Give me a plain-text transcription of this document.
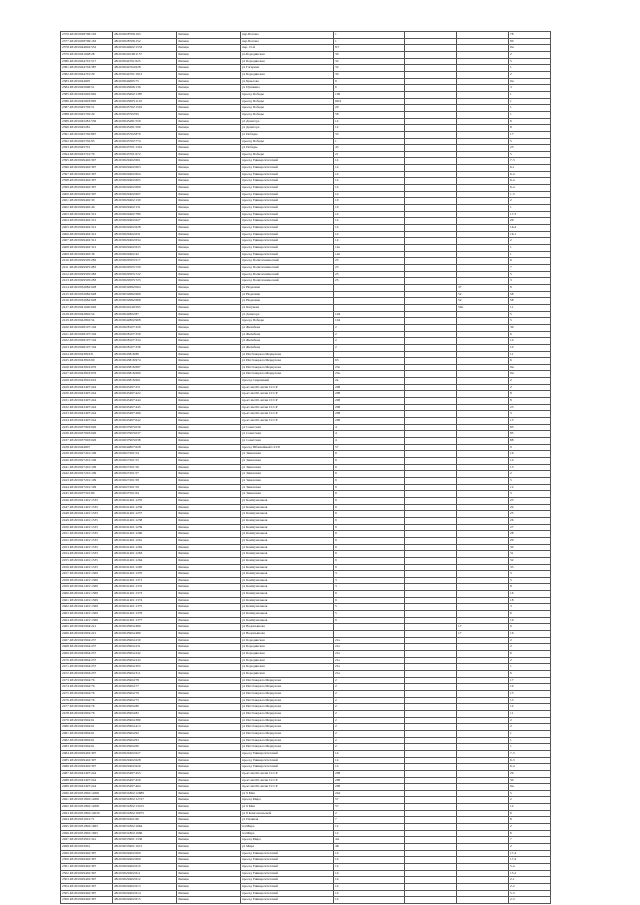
2376 48:20:0028706:163	48:20:0028706:163	Липецк	пер.Попова	1			78
2377 48:20:0028706:163	48:20:0028706:152	Липецк	пер.Попова	1			90
2378 48:20:0044602:552	48:20:0044602:1553	Липецк	пер. 15-й	8/7			9н
2379 48:20:0041048:28	48:20:0041048:1157	Липецк	ул.Бородинская	30			2
2380 48:20:0044701:517	48:20:0044701:625	Липецк	ул Бородинская	32			5
2381 48:20:0044704:387	48:20:0044704:628	Липецк	ул Гагарина	32			1
2382 48:20:0044701:29	48:20:0044701:1913	Липецк	ул Бородинская	30			2
2383 48:20:0044695	48:20:0044695:75	Липецк	ул Крылова	9			9н
2384 48:20:0045696:51	48:20:0045696:136	Липецк	ул Пушкина	6			3
2385 48:20:0045692:992	48:20:0045692:1387	Липецк	проезд Победы	109			1
2386 48:20:0045693:995	48:20:0045693:1119	Липецк	проезд Победы	99/4			1
2387 48:20:0045702:51	48:20:0045702:1591	Липецк	проезд Победы	29			1
2388 48:20:0045702:29	48:20:0045702:95	Липецк	проезд Победы	58			1
2389 48:20:0045281:559	48:20:0045281:559	Липецк	ул Доватора	12			6
2390 48:20:0045281	48:20:0045281:590	Липецк	ул Доватора	12			8
2391 48:20:0045702:867	48:20:0045702:870	Липецк	ул Победы	35			17
2392 48:20:0045702:93	48:20:0045702:774	Липецк	проезд Победы	1			5
2393 48:20:0045701	48:20:0045701:1301	Липецк	ул Победы	45			25
2394 48:20:0045701:79	48:20:0045701:672	Липецк	проезд Победы	21			5
2395 48:20:0029402:397	48:20:0029402:601	Липецк	проезд Университетский	14			7-3
2396 48:20:0029402:397	48:20:0029402:603	Липецк	проезд Университетский	14			6-1
2397 48:20:0029402:397	48:20:0029402:604	Липецк	проезд Университетский	14			6-4
2398 48:20:0029402:397	48:20:0029402:605	Липецк	проезд Университетский	14			6-4
2399 48:20:0029402:397	48:20:0029402:606	Липецк	проезд Университетский	14			6-4
2400 48:20:0029402:397	48:20:0029402:607	Липецк	проезд Университетский	14			1-3
2401 48:20:0029402:30	48:20:0029402:130	Липецк	проезд Университетский	10			2
2402 48:20:0029402:46	48:20:0029402:131	Липецк	проезд Университетский	10			1
2403 48:20:0029402:312	48:20:0029402:780	Липецк	проезд Университетский	14			17-3
2404 48:20:0029402:312	48:20:0029402:627	Липецк	проезд Университетский	14			26
2405 48:20:0029402:312	48:20:0029402:628	Липецк	проезд Университетский	14			16-4
2406 48:20:0029402:312	48:20:0029402:631	Липецк	проезд Университетский	14			16-1
2407 48:20:0029402:312	48:20:0029402:634	Липецк	проезд Университетский	14			2
2408 48:20:0029402:312	48:20:0029402:635	Липецк	проезд Университетский	14а			1
2409 48:20:0029402:36	48:20:0029402:42	Липецк	проезд Университетский	14а			1
2410 48:20:0029505:283	48:20:0029505:517	Липецк	проезд Политехнический	23			6
2411 48:20:0029505:283	48:20:0029505:720	Липецк	проезд Политехнический	23			7
2412 48:20:0029505:283	48:20:0029505:722	Липецк	проезд Политехнический	23			5
2413 48:20:0029505:283	48:20:0029505:723	Липецк	проезд Политехнический	25			3
2414 48:20:0032682:028	48:20:0032682:064	Липецк	ул Неделина			37	8
2415 48:20:0032682:028	48:20:0032682:666	Липецк	ул Неделина			52	58
2416 48:20:0032682:028	48:20:0032682:668	Липецк	ул Неделина			52	58
2417 48:20:0041040:026	48:20:0041040:565	Липецк	ул Катукова			50а	11
2418 48:20:0042802:54	48:20:0042802:87	Липецк	ул Доватора	104			5
2419 48:20:0042802:54	48:20:0042802:908	Липецк	проезд Победы	104			5
2420 48:20:0028107:104	48:20:0028107:329	Липецк	ул Желябова	2			39
2421 48:20:0028107:104	48:20:0028107:330	Липецк	ул Желябова	2			6
2422 48:20:0028107:104	48:20:0028107:334	Липецк	ул Желябова	2			14
2423 48:20:0028107:104	48:20:0028107:336	Липецк	ул Желябова	2			10
2424 48:20:0043816:8	48:20:0043816:80	Липецк	ул Им Генерала Меркулова				11
2425 48:20:0043816:60	48:20:0043816:974	Липецк	ул Им Генерала Меркулова	63			6
2426 48:20:0043816:676	48:20:0043816:687	Липецк	ул Им Генерала Меркулова	23а			9н
2427 48:20:0043816:676	48:20:0043816:690	Липецк	ул Им Генерала Меркулова	23а			9н
2428 48:20:0043816:616	48:20:0043816:691	Липецк	проезд Сиреневый	2к			2
2429 48:20:0043497:244	48:20:0043497:251	Липецк	пр-кт им 60-летия СССР	208			2
2430 48:20:0043497:244	48:20:0043497:422	Липецк	пр-кт им 60-летия СССР	208			8
2431 48:20:0043497:244	48:20:0043497:444	Липецк	пр-кт им 60-летия СССР	208			8
2432 48:20:0043497:244	48:20:0043497:445	Липецк	пр-кт им 60-летия СССР	208			23
2433 48:20:0043497:244	48:20:0043497:496	Липецк	пр-кт им 60-летия СССР	208			3
2434 48:20:0043497:244	48:20:0043497:642	Липецк	пр-кт им 60-летия СССР	208			15
2435 48:20:0037903:026	48:20:0037903:036	Липецк	ул Советская	4			85
2436 48:20:0037903:026	48:20:0037903:037	Липецк	ул Советская	4			85
2437 48:20:0037903:026	48:20:0037903:038	Липецк	ул Советская	4			88
2438 48:20:0044807	48:20:0044807:628	Липецк	проезд Юбилейный СССР	57			9
2439 48:20:0027201:109	48:20:0027201:54	Липецк	ул Зиновская	9			16
2440 48:20:0027201:109	48:20:0027201:55	Липецк	ул Зиновская	9			14
2441 48:20:0027201:109	48:20:0027201:56	Липецк	ул Зиновская	9			13
2442 48:20:0027201:109	48:20:0027201:57	Липецк	ул Зиновская	9			2
2443 48:20:0027201:109	48:20:0027201:58	Липецк	ул Зиновская	9			5
2444 48:20:0027201:109	48:20:0027201:59	Липецк	ул Зиновская	9			12
2445 48:20:0037501:80	48:20:0037501:64	Липецк	ул Зиновская	9			3
2446 48:20:0041401:1335	48:20:0041401:1255	Липецк	ул Коммунальная	9			23
2447 48:20:0041401:1335	48:20:0041401:1256	Липецк	ул Коммунальная	9			24
2448 48:20:0041401:1335	48:20:0041401:1257	Липецк	ул Коммунальная	9			25
2449 48:20:0041401:1335	48:20:0041401:1258	Липецк	ул Коммунальная	9			26
2450 48:20:0041401:1335	48:20:0041401:1259	Липецк	ул Коммунальная	9			27
2451 48:20:0041401:1335	48:20:0041401:1260	Липецк	ул Коммунальная	9			28
2452 48:20:0041401:1335	48:20:0041401:1261	Липецк	ул Коммунальная	9			29
2453 48:20:0041401:1335	48:20:0041401:1262	Липецк	ул Коммунальная	9			30
2454 48:20:0041401:1335	48:20:0041401:1263	Липецк	ул Коммунальная	9			31
2455 48:20:0041401:1335	48:20:0041401:1264	Липецк	ул Коммунальная	9			32
2456 48:20:0041401:1335	48:20:0041401:1265	Липецк	ул Коммунальная	9			33
2457 48:20:0041401:1369	48:20:0041401:1370	Липецк	ул Коммунальная	3			3
2458 48:20:0041401:1369	48:20:0041401:1371	Липецк	ул Коммунальная	3			5
2459 48:20:0041401:1369	48:20:0041401:1372	Липецк	ул Коммунальная	3			8
2460 48:20:0041401:1369	48:20:0041401:1373	Липецк	ул Коммунальная	9			16
2461 48:20:0041401:1369	48:20:0041401:1374	Липецк	ул Коммунальная	9			18
2462 48:20:0041401:1369	48:20:0041401:1375	Липецк	ул Коммунальная	5			3
2463 48:20:0041401:1369	48:20:0041401:1376	Липецк	ул Коммунальная	5			6
2464 48:20:0041401:1369	48:20:0041401:1377	Липецк	ул Коммунальная	9			19
2465 48:20:0045904:221	48:20:0045904:480	Липецк	ул Водопьянова			17	6
2466 48:20:0045904:221	48:20:0045904:480	Липецк	ул Водопьянова			17	16
2467 48:20:0045904:237	48:20:0045904:230	Липецк	ул Бородинская	21а			2
2468 48:20:0045904:237	48:20:0045904:231	Липецк	ул Бородинская	21а			2
2469 48:20:0045804:237	48:20:0045904:242	Липецк	ул Бородинская	21а			6
2470 48:20:0045804:237	48:20:0045904:243	Липецк	ул Бородинская	21а			2
2471 48:20:0045904:237	48:20:0045904:305	Липецк	ул Бородинская	21а			1
2472 48:20:0045904:237	48:20:0045904:311	Липецк	ул Бородинская	21а			6
2473 48:20:0045904:76	48:20:0045904:78	Липецк	ул Им Генерала Меркулова	2			17
2474 48:20:0045904:76	48:20:0045904:77	Липецк	ул Им Генерала Меркулова	2			19
2475 48:20:0045904:76	48:20:0045904:79	Липецк	ул Им Генерала Меркулова	2			15
2476 48:20:0045904:76	48:20:0045904:75	Липецк	ул Им Генерала Меркулова	2			13
2477 48:20:0045904:76	48:20:0045904:80	Липецк	ул Им Генерала Меркулова	2			12
2478 48:20:0045904:76	48:20:0045904:82	Липецк	ул Им Генерала Меркулова	2			11
2479 48:20:0045904:61	48:20:0045904:380	Липецк	ул Им Генерала Меркулова	2			2
2480 48:20:0045904:61	48:20:0045904:413	Липецк	ул Им Генерала Меркулова	2			2
2481 48:20:0045804:61	48:20:0045904:92	Липецк	ул Им Генерала Меркулова	2			1
2482 48:20:0045804:61	48:20:0045904:93	Липецк	ул Им Генерала Меркулова	2			1
2483 48:20:0045904:61	48:20:0045904:60	Липецк	ул Им Генерала Меркулова	2			1
2484 48:20:0029402:397	48:20:0029402:627	Липецк	проезд Университетский	14			7-3
2485 48:20:0029402:397	48:20:0029402:628	Липецк	проезд Университетский	14			6-3
2486 48:20:0029402:397	48:20:0029402:629	Липецк	проезд Университетский	14			6-4
2487 48:20:0043497:244	48:20:0043497:455	Липецк	пр-кт им 60-летия СССР	208			29
2488 48:20:0043497:244	48:20:0043497:459	Липецк	пр-кт им 60-летия СССР	208			30
2489 48:20:0043497:244	48:20:0043497:464	Липецк	пр-кт им 60-летия СССР	208			9н
2490 48:20:0031802:12681	48:20:0031802:12689	Липецк	ул 9 Мая	244			5
2491 48:20:0031802:12681	48:20:0031802:12727	Липецк	проезд Мира	57			2
2492 48:20:0031802:12681	48:20:0031802:13105	Липецк	ул 9 Мая	57			12
2493 48:20:0031802:14050	48:20:0031802:16075	Липецк	ул 8 Комсомольской	2			6
2494 48:20:0031601:71	48:20:0031601:66	Липецк	ул Плавная	7			8
2495 48:20:0031802:1665	48:20:0031802:1664	Липецк	пл.Мира	12			2
2496 48:20:0031802:1665	48:20:0031802:1666	Липецк	пл.Мира	12			6
2497 48:20:0033901:341	48:20:0033901:1336	Липецк	проезд Мира	4А			7
2498 48:20:0033901	48:20:0033901:1015	Липецк	ул Мира	4Б			2
2499 48:20:0029402:397	48:20:0029402:609	Липецк	проезд Университетский	14			17-4
2500 48:20:0029402:397	48:20:0029402:609	Липецк	проезд Университетский	14			17-4
2501 48:20:0029402:397	48:20:0029402:610	Липецк	проезд Университетский	14			5-4
2502 48:20:0029402:397	48:20:0029402:611	Липецк	проезд Университетский	14			15-2
2503 48:20:0029402:397	48:20:0029402:612	Липецк	проезд Университетский	14			2-1
2504 48:20:0029402:397	48:20:0029402:613	Липецк	проезд Университетский	14			2-2
2505 48:20:0029402:397	48:20:0029402:614	Липецк	проезд Университетский	14			5-3
2506 48:20:0029402:397	48:20:0029402:615	Липецк	проезд Университетский	14			2-3
